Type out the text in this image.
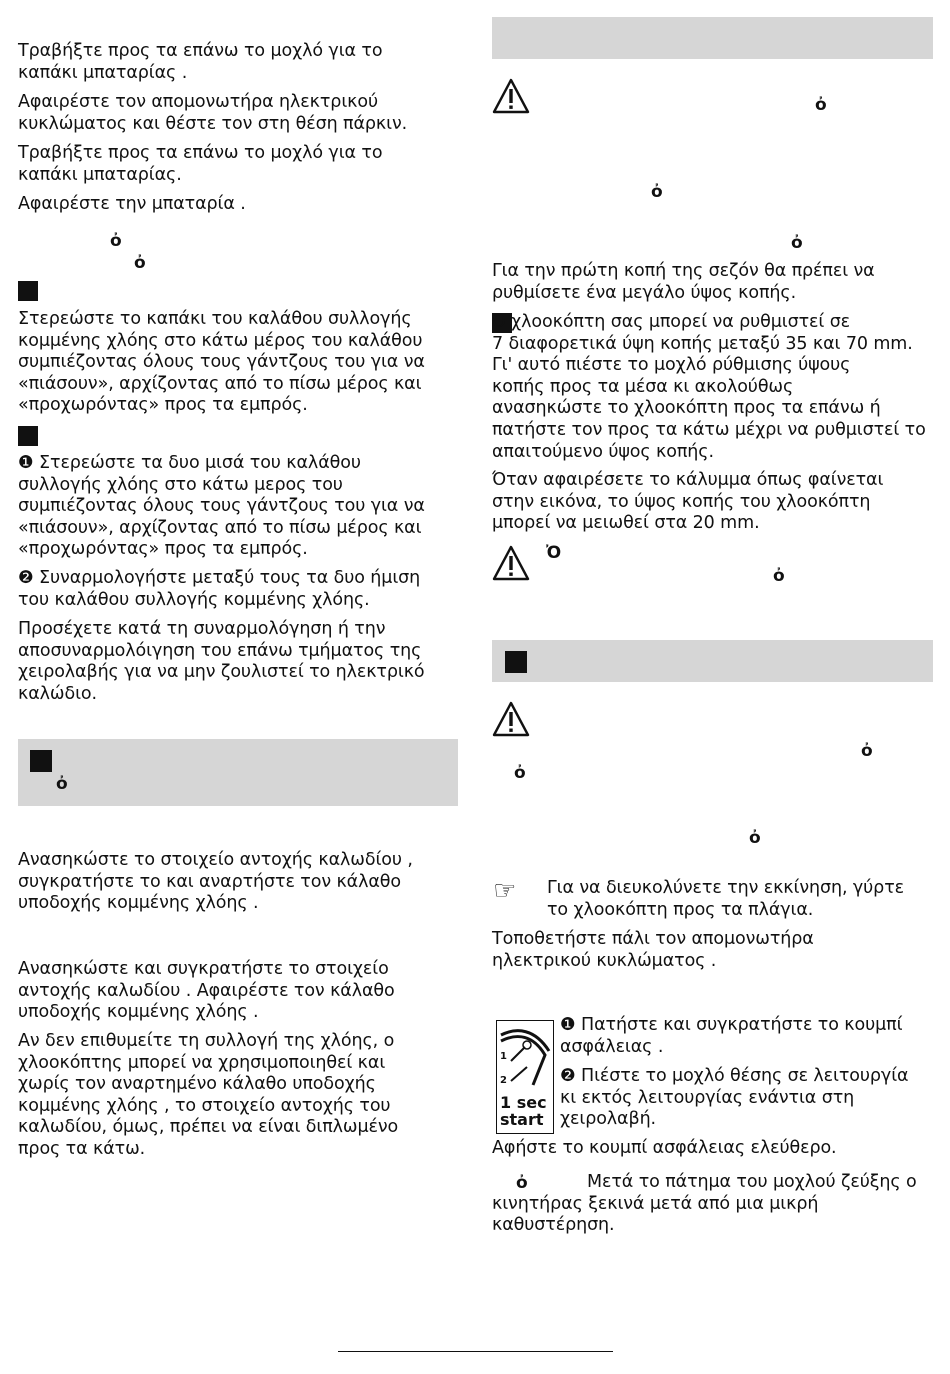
Τραβήξτε προς τα επάνω το μοχλό για το
καπάκι μπαταρίας .
Αφαιρέστε τον απομονωτήρα ηλεκτρικού
κυκλώματος και θέστε τον στη θέση πάρκιν.
Τραβήξτε προς τα επάνω το μοχλό για το
καπάκι μπαταρίας.
Αφαιρέστε την μπαταρία .
ὀ
ὀ
Στερεώστε το καπάκι του καλάθου συλλογής
κομμένης χλόης στο κάτω μέρος του καλάθου
συμπιέζοντας όλους τους γάντζους του για να
«πιάσουν», αρχίζοντας από το πίσω μέρος και
«προχωρόντας» προς τα εμπρός.
❶ Στερεώστε τα δυο μισά του καλάθου
συλλογής χλόης στο κάτω μερος του
συμπιέζοντας όλους τους γάντζους του για να
«πιάσουν», αρχίζοντας από το πίσω μέρος και
«προχωρόντας» προς τα εμπρός.
❷ Συναρμολογήστε μεταξύ τους τα δυο ήμιση
του καλάθου συλλογής κομμένης χλόης.
Προσέχετε κατά τη συναρμολόγηση ή την
αποσυναρμολόιγηση του επάνω τμήματος της
χειρολαβής για να μην ζουλιστεί το ηλεκτρικό
καλώδιο.
ὀ
Ανασηκώστε το στοιχείο αντοχής καλωδίου ,
συγκρατήστε το και αναρτήστε τον κάλαθο
υποδοχής κομμένης χλόης .
Ανασηκώστε και συγκρατήστε το στοιχείο
αντοχής καλωδίου . Αφαιρέστε τον κάλαθο
υποδοχής κομμένης χλόης .
Αν δεν επιθυμείτε τη συλλογή της χλόης, ο
χλοοκόπτης μπορεί να χρησιμοποιηθεί και
χωρίς τον αναρτημένο κάλαθο υποδοχής
κομμένης χλόης , το στοιχείο αντοχής του
καλωδίου, όμως, πρέπει να είναι διπλωμένο
προς τα κάτω.
ὀ
ὀ
ὀ
Για την πρώτη κοπή της σεζόν θα πρέπει να
ρυθμίσετε ένα μεγάλο ύψος κοπής.
Ο χλοοκόπτη σας μπορεί να ρυθμιστεί σε
7 διαφορετικά ύψη κοπής μεταξύ 35 και 70 mm.
Γι' αυτό πιέστε το μοχλό ρύθμισης ύψους
κοπής προς τα μέσα κι ακολούθως
ανασηκώστε το χλοοκόπτη προς τα επάνω ή
πατήστε τον προς τα κάτω μέχρι να ρυθμιστεί το
απαιτούμενο ύψος κοπής.
Όταν αφαιρέσετε το κάλυμμα όπως φαίνεται
στην εικόνα, το ύψος κοπής του χλοοκόπτη
μπορεί να μειωθεί στα 20 mm.
Ὀ
ὀ
ὀ
ὀ
ὀ
☞ Για να διευκολύνετε την εκκίνηση, γύρτε
το χλοοκόπτη προς τα πλάγια.
Τοποθετήστε πάλι τον απομονωτήρα
ηλεκτρικού κυκλώματος .
1
2
1 sec
start
❶ Πατήστε και συγκρατήστε το κουμπί
ασφάλειας .
❷ Πιέστε το μοχλό θέσης σε λειτουργία
κι εκτός λειτουργίας ενάντια στη
χειρολαβή.
Αφήστε το κουμπί ασφάλειας ελεύθερο.
ὀ	Μετά το πάτημα του μοχλού ζεύξης ο
κινητήρας ξεκινά μετά από μια μικρή
καθυστέρηση.
